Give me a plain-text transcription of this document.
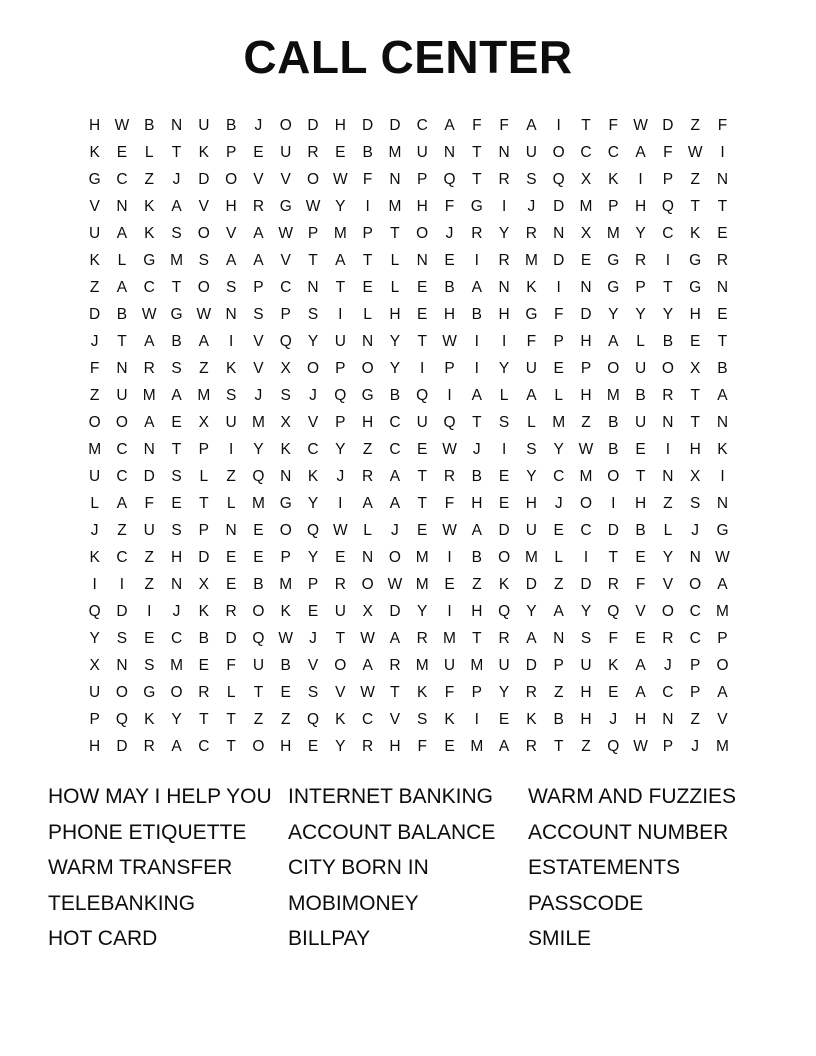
CALL CENTER
H W B	N	U	B	J	O	D	H	D	D	C	A	F	F	A	I	T	F W D	Z	F
K	E	L	T	K	P	E	U	R	E	B	M U	N	T	N	U	O	C	C	A	F W	I
G	C	Z	J	D	O	V	V	O W F	N	P	Q	T	R	S	Q	X	K	I	P	Z	N
V	N	K	A	V	H	R	G W Y	I	M H	F	G	I	J	D M	P	H	Q	T	T
U	A	K	S	O	V	A W P	M	P	T	O	J	R	Y	R	N	X	M	Y	C	K	E
K	L	G M	S	A	A	V	T	A	T	L	N	E	I	R M D	E	G	R	I	G	R
Z	A	C	T	O	S	P	C	N	T	E	L	E	B	A	N	K	I	N	G	P	T	G	N
D	B W G W N	S	P	S	I	L	H	E	H	B	H	G	F	D	Y	Y	Y	H	E
J	T	A	B	A	I	V	Q	Y	U	N	Y	T W	I	I	F	P	H	A	L	B	E	T
F	N	R	S	Z	K	V	X	O	P	O	Y	I	P	I	Y	U	E	P	O	U	O	X	B
Z	U M	A	M	S	J	S	J	Q G	B	Q	I	A	L	A	L	H M	B	R	T	A
O O	A	E	X	U M	X	V	P	H	C	U	Q	T	S	L	M	Z	B	U	N	T	N
M C	N	T	P	I	Y	K	C	Y	Z	C	E W	J	I	S	Y W B	E	I	H	K
U	C	D	S	L	Z	Q	N	K	J	R	A	T	R	B	E	Y	C M O	T	N	X	I
L	A	F	E	T	L	M G	Y	I	A	A	T	F	H	E	H	J	O	I	H	Z	S	N
J	Z	U	S	P	N	E	O Q W	L	J	E W A	D	U	E	C	D	B	L	J	G
K	C	Z	H	D	E	E	P	Y	E	N	O M	I	B	O M	L	I	T	E	Y	N W
I	I	Z	N	X	E	B	M	P	R	O W M	E	Z	K	D	Z	D	R	F	V	O	A
Q	D	I	J	K	R	O	K	E	U	X	D	Y	I	H	Q	Y	A	Y	Q	V	O	C M
Y	S	E	C	B	D	Q W	J	T W A	R M	T	R	A	N	S	F	E	R	C	P
X	N	S	M	E	F	U	B	V	O	A	R M U M U	D	P	U	K	A	J	P	O
U	O G O	R	L	T	E	S	V W T	K	F	P	Y	R	Z	H	E	A	C	P	A
P	Q	K	Y	T	T	Z	Z	Q	K	C	V	S	K	I	E	K	B	H	J	H	N	Z	V
H	D	R	A	C	T	O	H	E	Y	R	H	F	E	M	A	R	T	Z	Q W P	J	M
HOW MAY I HELP YOU
PHONE ETIQUETTE
WARM TRANSFER
TELEBANKING
HOT CARD
INTERNET BANKING
ACCOUNT BALANCE
CITY BORN IN
MOBIMONEY
BILLPAY
WARM AND FUZZIES
ACCOUNT NUMBER
ESTATEMENTS
PASSCODE
SMILE
